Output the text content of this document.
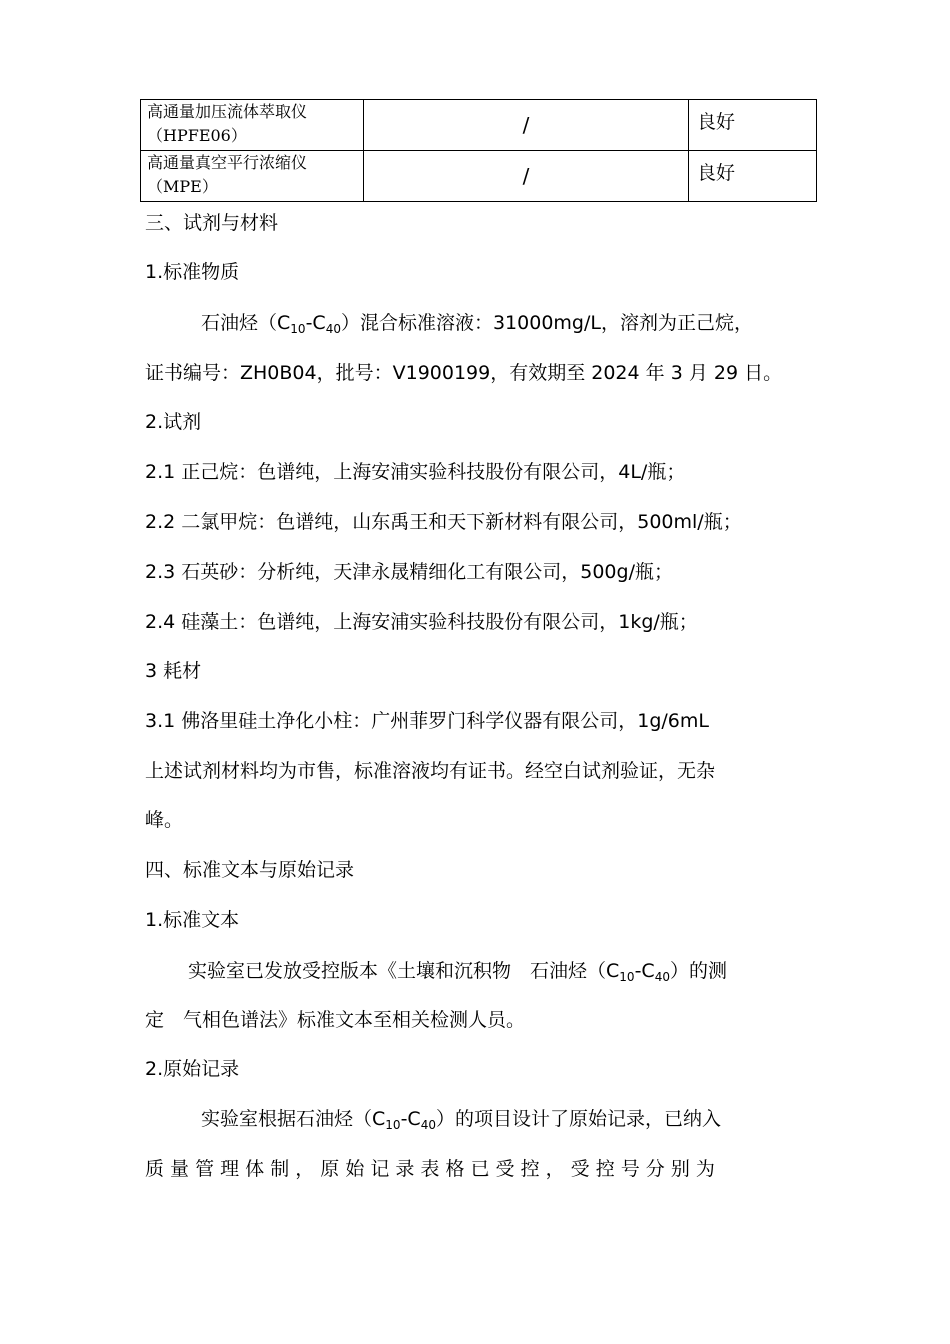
高通量加压流体萃取仪
（HPFE06）	/	良好

高通量真空平行浓缩仪
（MPE）	/	良好
三、试剂与材料
1.标准物质
石油烃$(C_{10}-C_{40})$混合标准溶液：31000mg/L，溶剂为正己烷，
证书编号：ZH0B04，批号：V1900199，有效期至 2024 年 3 月 29 日。
2.试剂
2.1 正己烷：色谱纯，上海安浦实验科技股份有限公司，4L/瓶；
2.2 二氯甲烷：色谱纯，山东禹王和天下新材料有限公司，500ml/瓶；
2.3 石英砂：分析纯，天津永晟精细化工有限公司，500g/瓶；
2.4 硅藻土：色谱纯，上海安浦实验科技股份有限公司，1kg/瓶；
3 耗材
3.1 佛洛里硅土净化小柱：广州菲罗门科学仪器有限公司，1g/6mL
上述试剂材料均为市售，标准溶液均有证书。经空白试剂验证，无杂
峰。
四、标准文本与原始记录
1.标准文本
实验室已发放受控版本《土壤和沉积物　石油烃$(C_{10}-C_{40})$的测
定　气相色谱法》标准文本至相关检测人员。
2.原始记录
实验室根据石油烃$(C_{10}-C_{40})$的项目设计了原始记录，已纳入
质 量 管 理 体 制 ， 原 始 记 录 表 格 已 受 控 ， 受 控 号 分 别 为
